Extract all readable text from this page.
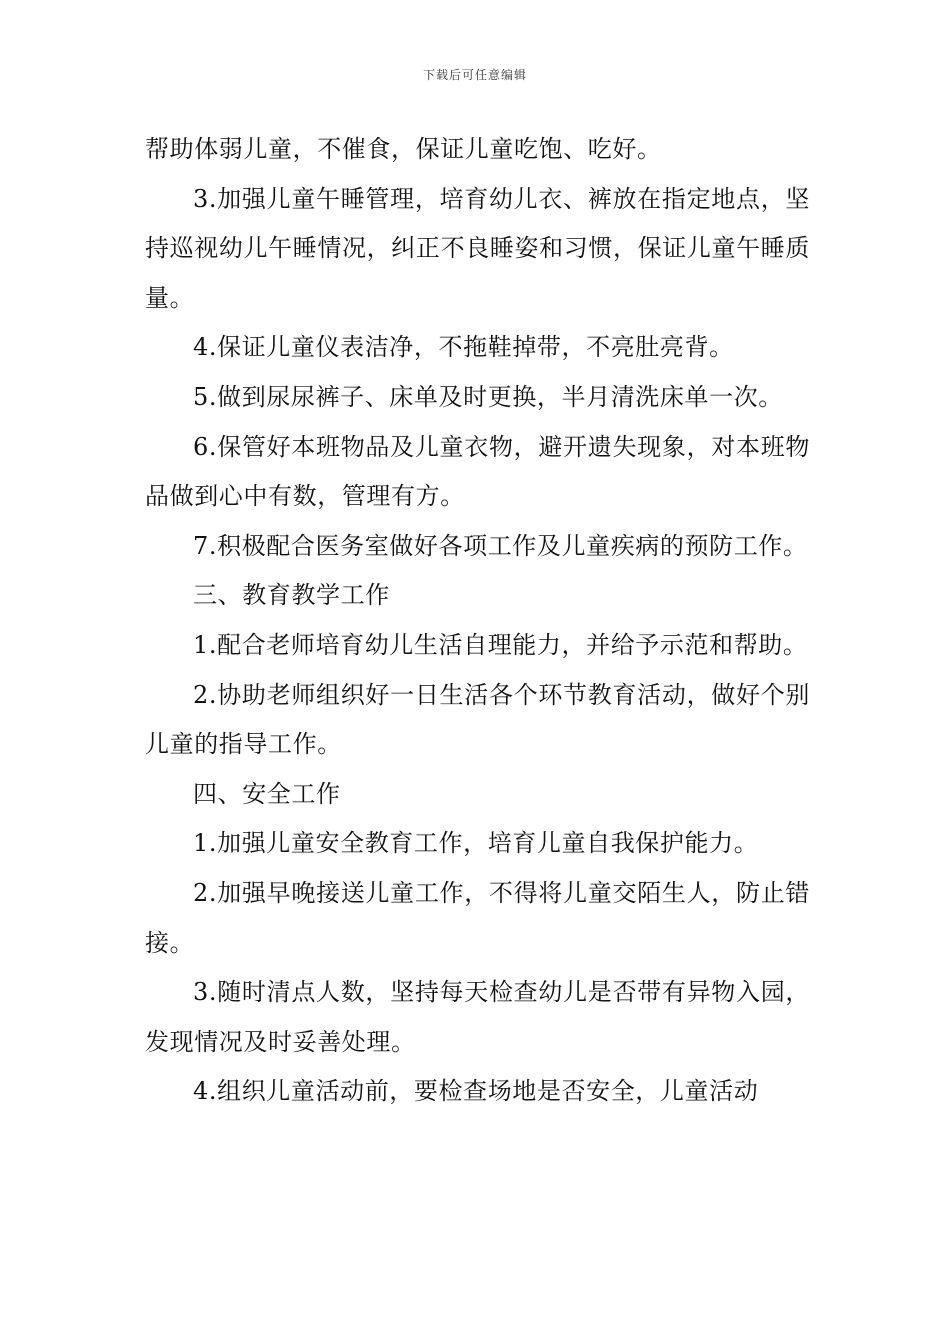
下载后可任意编辑

帮助体弱儿童，不催食，保证儿童吃饱、吃好。

3.加强儿童午睡管理，培育幼儿衣、裤放在指定地点，坚持巡视幼儿午睡情况，纠正不良睡姿和习惯，保证儿童午睡质量。

4.保证儿童仪表洁净，不拖鞋掉带，不亮肚亮背。

5.做到尿尿裤子、床单及时更换，半月清洗床单一次。

6.保管好本班物品及儿童衣物，避开遗失现象，对本班物品做到心中有数，管理有方。

7.积极配合医务室做好各项工作及儿童疾病的预防工作。

三、教育教学工作

1.配合老师培育幼儿生活自理能力，并给予示范和帮助。

2.协助老师组织好一日生活各个环节教育活动，做好个别儿童的指导工作。

四、安全工作

1.加强儿童安全教育工作，培育儿童自我保护能力。

2.加强早晚接送儿童工作，不得将儿童交陌生人，防止错接。

3.随时清点人数，坚持每天检查幼儿是否带有异物入园，发现情况及时妥善处理。

4.组织儿童活动前，要检查场地是否安全，儿童活动
